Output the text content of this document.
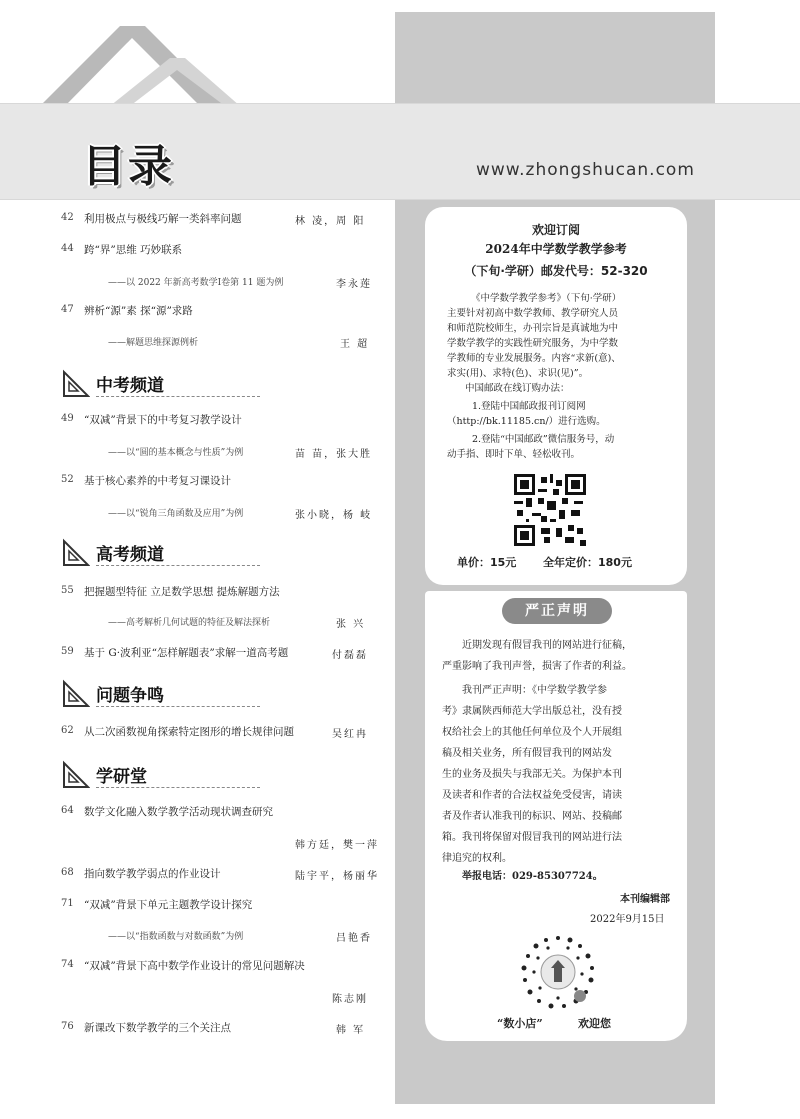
目录	www.zhongshucan.com
42 利用极点与极线巧解一类斜率问题	林 凌，周 阳
44 跨“界”思维 巧妙联系
——以 2022 年新高考数学Ⅰ卷第 11 题为例	李永莲
47 辨析“源”素 探“源”求路
——解题思维探源例析	王 超
中考频道
49 “双减”背景下的中考复习教学设计
——以“圆的基本概念与性质”为例	苗 苗，张大胜
52 基于核心素养的中考复习课设计
——以“锐角三角函数及应用”为例	张小晓，杨 岐
高考频道
55 把握题型特征 立足数学思想 提炼解题方法
——高考解析几何试题的特征及解法探析	张 兴
59 基于 G·波利亚“怎样解题表”求解一道高考题	付磊磊
问题争鸣
62 从二次函数视角探索特定图形的增长规律问题	吴红冉
学研堂
64 数学文化融入数学教学活动现状调查研究
韩方廷，樊一萍
68 指向数学教学弱点的作业设计	陆宇平，杨丽华
71 “双减”背景下单元主题教学设计探究
——以“指数函数与对数函数”为例	吕艳香
74 “双减”背景下高中数学作业设计的常见问题解决
陈志刚
76 新课改下数学教学的三个关注点	韩 军
欢迎订阅
2024年中学数学教学参考
（下旬·学研）邮发代号：52-320
《中学数学教学参考》（下旬·学研）
主要针对初高中数学教师、教学研究人员
和师范院校师生，办刊宗旨是真诚地为中
学数学教学的实践性研究服务，为中学数
学教师的专业发展服务。内容“求新(意)、
求实(用)、求特(色)、求识(见)”。
中国邮政在线订购办法：
1.登陆中国邮政报刊订阅网
（http://bk.11185.cn/）进行选购。
2.登陆“中国邮政”微信服务号，动
动手指、即时下单、轻松收刊。
单价：15元 全年定价：180元
严正声明
近期发现有假冒我刊的网站进行征稿，
严重影响了我刊声誉，损害了作者的利益。
我刊严正声明：《中学数学教学参
考》隶属陕西师范大学出版总社，没有授
权给社会上的其他任何单位及个人开展组
稿及相关业务，所有假冒我刊的网站发
生的业务及损失与我部无关。为保护本刊
及读者和作者的合法权益免受侵害，请读
者及作者认准我刊的标识、网站、投稿邮
箱。我刊将保留对假冒我刊的网站进行法
律追究的权利。
举报电话：029-85307724。
本刊编辑部
2022年9月15日
“数小店”	欢迎您
